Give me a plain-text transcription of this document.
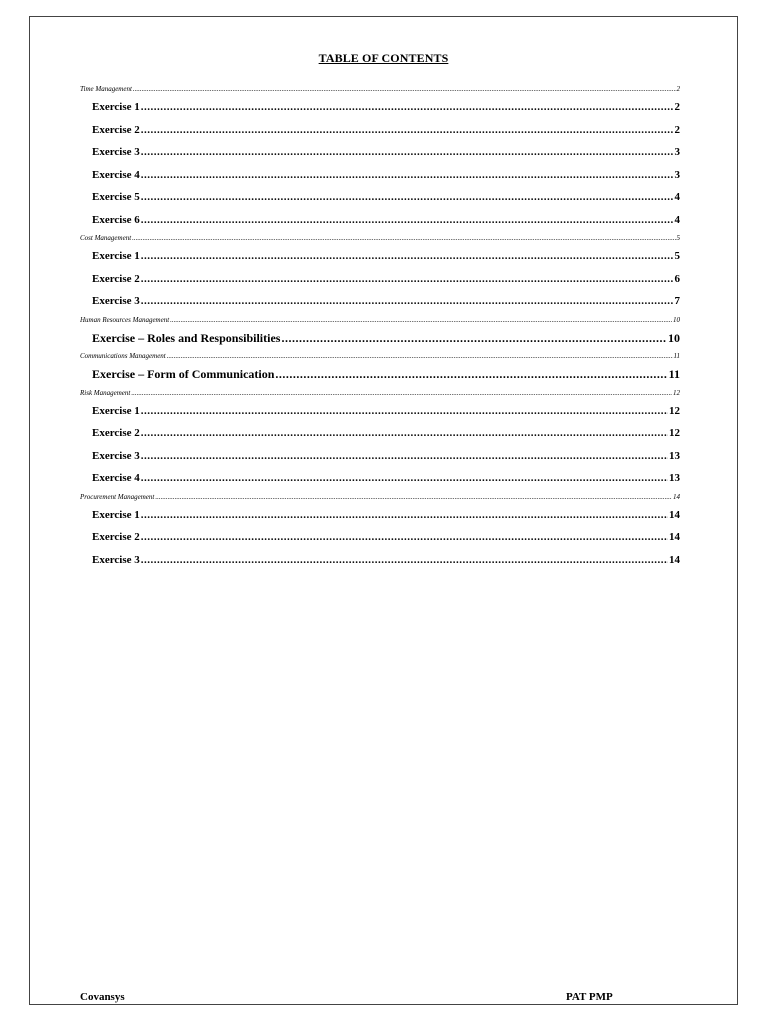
TABLE OF CONTENTS
Time Management .....	2
Exercise 1 .....	2
Exercise 2 .....	2
Exercise 3 .....	3
Exercise 4 .....	3
Exercise 5 .....	4
Exercise 6 .....	4
Cost Management .....	5
Exercise 1 .....	5
Exercise 2 .....	6
Exercise 3 .....	7
Human Resources Management .....	10
Exercise – Roles and Responsibilities .....	10
Communications Management .....	11
Exercise – Form of Communication .....	11
Risk Management .....	12
Exercise 1 .....	12
Exercise 2 .....	12
Exercise 3 .....	13
Exercise 4 .....	13
Procurement Management .....	14
Exercise 1 .....	14
Exercise 2 .....	14
Exercise 3 .....	14
Covansys	PAT PMP
